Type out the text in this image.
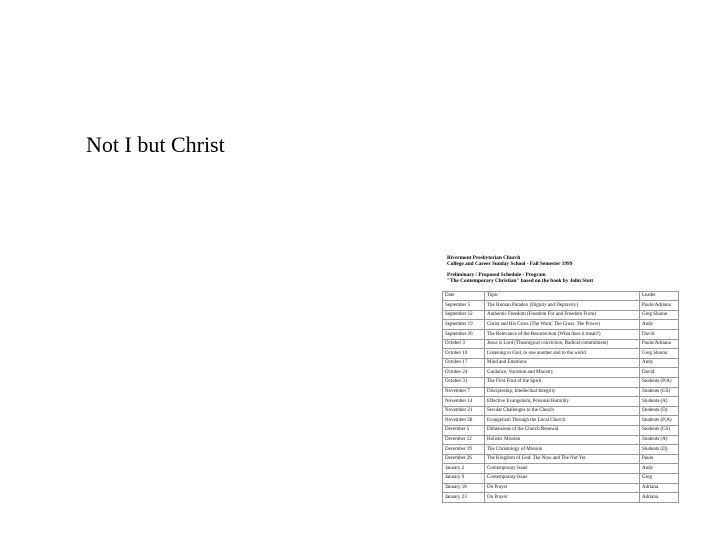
Not I but Christ
Rivermont Presbyterian Church
College and Career Sunday School - Fall Semester 1999
Preliminary / Proposed Schedule - Program
"The Contemporary Christian" based on the book by John Stott
Date	Topic	Leader
September 5	The Human Paradox (Dignity and Depravity)	Paulo/Adriana
September 12	Authentic Freedom (Freedom For and Freedom From)	Greg Sharon
September 19	Christ and His Cross (The Word, The Cross, The Power)	Andy
September 26	The Relevance of the Resurrection (What does it mean?)	David
October 3	Jesus is Lord (Theological conviction, Radical commitment)	Paulo/Adriana
October 10	Listening to God, to one another and to the world	Greg Sharon
October 17	Mind and Emotions	Andy
October 24	Guidance, Vocation and Ministry	David
October 31	The First Fruit of the Spirit	Students (P/A)
November 7	Discipleship, Intellectual Integrity	Students (GS)
November 14	Effective Evangelism, Personal Humility	Students (A)
November 21	Secular Challenges to the Church	Students (D)
November 28	Evangelism Through the Local Church	Students (P/A)
December 5	Dimensions of the Church Renewal	Students (GS)
December 12	Holistic Mission	Students (A)
December 19	The Christology of Mission	Students (D)
December 26	The Kingdom of God: The Now and The Not Yet	Paulo
January 2	Contemporary Issue	Andy
January 9	Contemporary Issue	Greg
January 16	On Prayer	Adriana
January 23	On Prayer	Adriana
